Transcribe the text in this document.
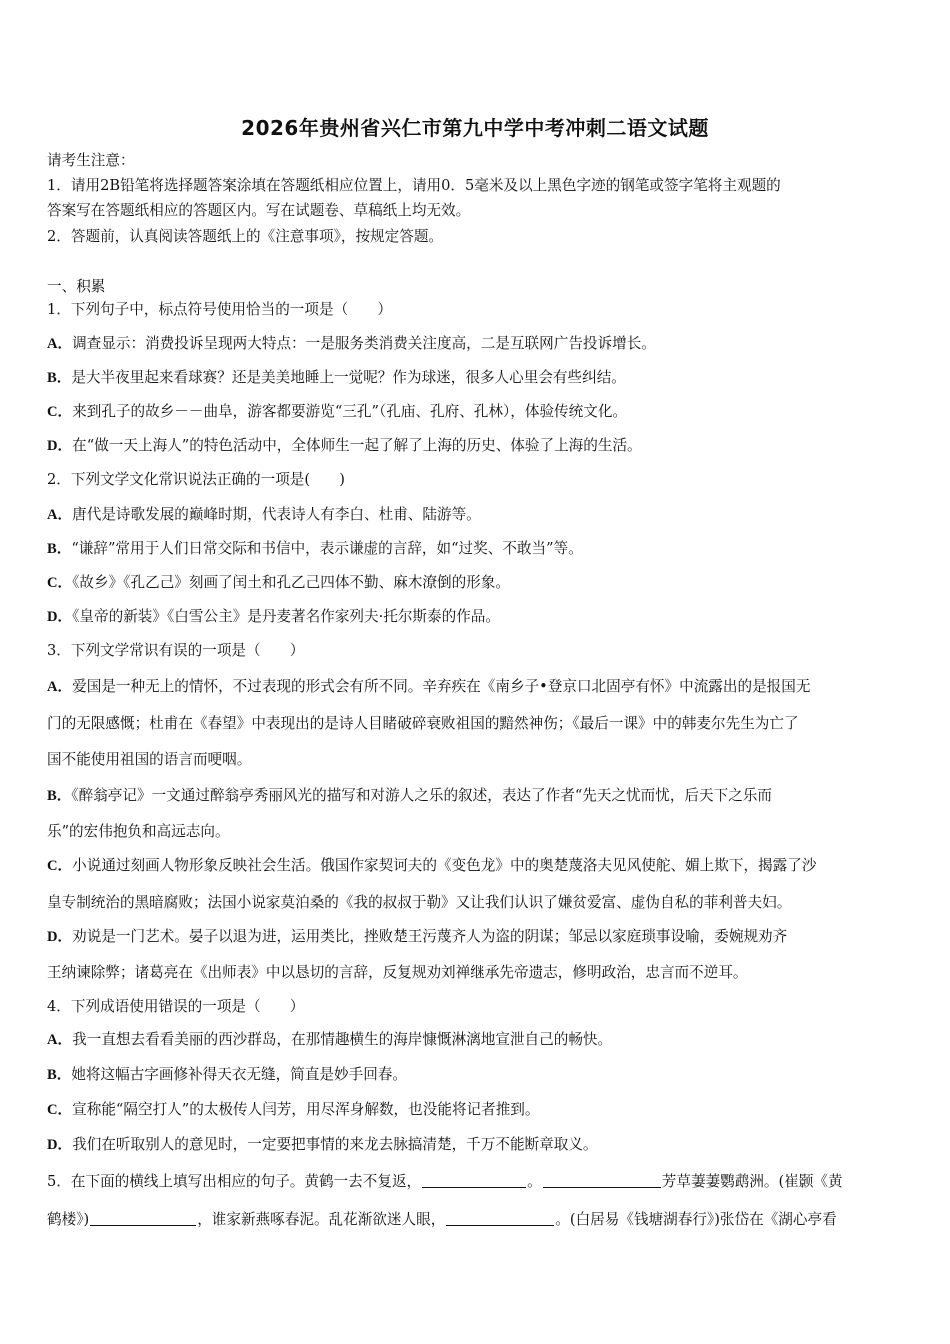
2026年贵州省兴仁市第九中学中考冲刺二语文试题
请考生注意：
1．请用2B铅笔将选择题答案涂填在答题纸相应位置上，请用0．5毫米及以上黑色字迹的钢笔或签字笔将主观题的
答案写在答题纸相应的答题区内。写在试题卷、草稿纸上均无效。
2．答题前，认真阅读答题纸上的《注意事项》，按规定答题。
一、积累
1．下列句子中，标点符号使用恰当的一项是（　　）
A．调查显示：消费投诉呈现两大特点：一是服务类消费关注度高，二是互联网广告投诉增长。
B．是大半夜里起来看球赛？还是美美地睡上一觉呢？作为球迷，很多人心里会有些纠结。
C．来到孔子的故乡－－曲阜，游客都要游览“三孔”（孔庙、孔府、孔林），体验传统文化。
D．在“做一天上海人”的特色活动中，全体师生一起了解了上海的历史、体验了上海的生活。
2．下列文学文化常识说法正确的一项是(　　)
A．唐代是诗歌发展的巅峰时期，代表诗人有李白、杜甫、陆游等。
B．“谦辞”常用于人们日常交际和书信中，表示谦虚的言辞，如“过奖、不敢当”等。
C．《故乡》《孔乙己》刻画了闰土和孔乙己四体不勤、麻木潦倒的形象。
D．《皇帝的新装》《白雪公主》是丹麦著名作家列夫·托尔斯泰的作品。
3．下列文学常识有误的一项是（　　）
A．爱国是一种无上的情怀，不过表现的形式会有所不同。辛弃疾在《南乡子•登京口北固亭有怀》中流露出的是报国无
门的无限感慨；杜甫在《春望》中表现出的是诗人目睹破碎衰败祖国的黯然神伤；《最后一课》中的韩麦尔先生为亡了
国不能使用祖国的语言而哽咽。
B．《醉翁亭记》一文通过醉翁亭秀丽风光的描写和对游人之乐的叙述，表达了作者“先天之忧而忧，后天下之乐而
乐”的宏伟抱负和高远志向。
C．小说通过刻画人物形象反映社会生活。俄国作家契诃夫的《变色龙》中的奥楚蔑洛夫见风使舵、媚上欺下，揭露了沙
皇专制统治的黑暗腐败；法国小说家莫泊桑的《我的叔叔于勒》又让我们认识了嫌贫爱富、虚伪自私的菲利普夫妇。
D．劝说是一门艺术。晏子以退为进，运用类比，挫败楚王污蔑齐人为盗的阴谋；邹忌以家庭琐事设喻，委婉规劝齐
王纳谏除弊；诸葛亮在《出师表》中以恳切的言辞，反复规劝刘禅继承先帝遗志，修明政治，忠言而不逆耳。
4．下列成语使用错误的一项是（　　）
A．我一直想去看看美丽的西沙群岛，在那情趣横生的海岸慷慨淋漓地宣泄自己的畅快。
B．她将这幅古字画修补得天衣无缝，简直是妙手回春。
C．宣称能“隔空打人”的太极传人闫芳，用尽浑身解数，也没能将记者推到。
D．我们在听取别人的意见时，一定要把事情的来龙去脉搞清楚，千万不能断章取义。
5．在下面的横线上填写出相应的句子。黄鹤一去不复返，	。	芳草萋萋鹦鹉洲。(崔颢《黄
鹤楼》)	，谁家新燕啄春泥。乱花渐欲迷人眼，	。(白居易《钱塘湖春行》)张岱在《湖心亭看
